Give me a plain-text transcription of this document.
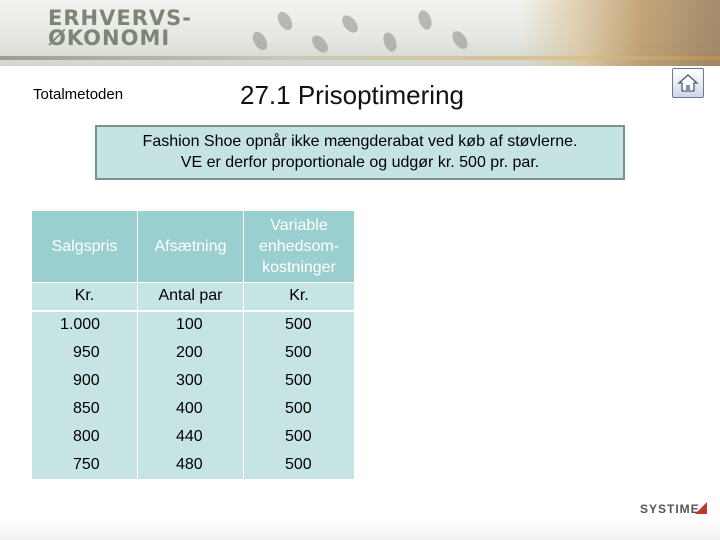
ERHVERVS-
ØKONOMI
Totalmetoden	27.1 Prisoptimering

Fashion Shoe opnår ikke mængderabat ved køb af støvlerne.

VE er derfor proportionale og udgør kr. 500 pr. par.

Salgspris	Afsætning	Variable
enhedsom-
kostninger

Kr.	Antal par	Kr.
1.000	100	500
950	200	500
900	300	500
850	400	500
800	440	500
750	480	500
SYSTIME
